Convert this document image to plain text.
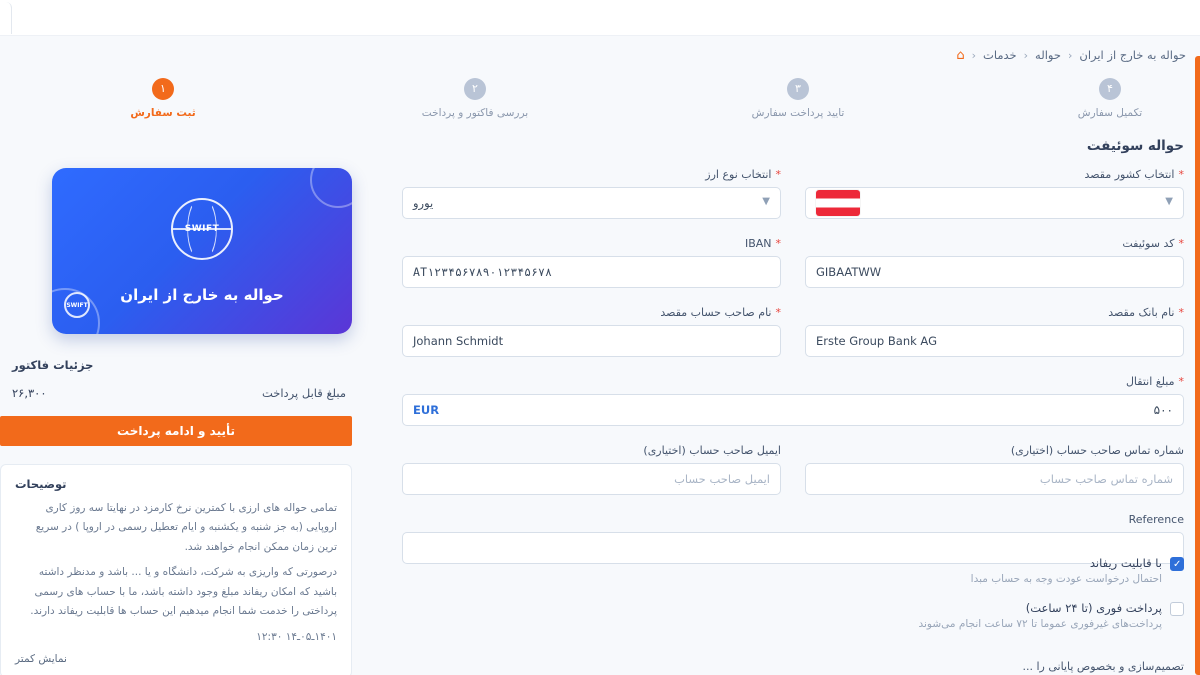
حواله به خارج از ایران
‹
حواله
‹
خدمات
‹
⌂
۱
ثبت سفارش
۲
بررسی فاکتور و پرداخت
۳
تایید پرداخت سفارش
۴
تکمیل سفارش
حواله سوئیفت
*
انتخاب کشور مقصد
▼
*
انتخاب نوع ارز
▼
یورو
*
کد سوئیفت
GIBAATWW
*
IBAN
AT۱۲۳۴۵۶۷۸۹۰۱۲۳۴۵۶۷۸
*
نام بانک مقصد
Erste Group Bank AG
*
نام صاحب حساب مقصد
Johann Schmidt
*
مبلغ انتقال
۵۰۰
EUR
شماره تماس صاحب حساب (اختیاری)
شماره تماس صاحب حساب
ایمیل صاحب حساب (اختیاری)
ایمیل صاحب حساب
Reference
✓
با قابلیت ریفاند
احتمال درخواست عودت وجه به حساب مبدا
پرداخت فوری (تا ۲۴ ساعت)
پرداخت‌های غیرفوری عموما تا ۷۲ ساعت انجام می‌شوند
تصمیم‌سازی و بخصوص پایانی را ...
SWIFT
SWIFT
حواله به خارج از ایران
جزئیات فاکتور
مبلغ قابل پرداخت
۲۶,۳۰۰
تأیید و ادامه پرداخت
توضیحات

تمامی حواله های ارزی با کمترین نرخ کارمزد در نهایتا سه روز کاری اروپایی (به جز شنبه و یکشنبه و ایام تعطیل رسمی در اروپا ) در سریع ترین زمان ممکن انجام خواهند شد.

درصورتی که واریزی به شرکت، دانشگاه و یا ... باشد و مدنظر داشته باشید که امکان ریفاند مبلغ وجود داشته باشد، ما با حساب های رسمی پرداختی را خدمت شما انجام میدهیم این حساب ها قابلیت ریفاند دارند.

۱۴۰۱ـ۰۵ـ۱۴ ۱۲:۳۰

نمایش کمتر
